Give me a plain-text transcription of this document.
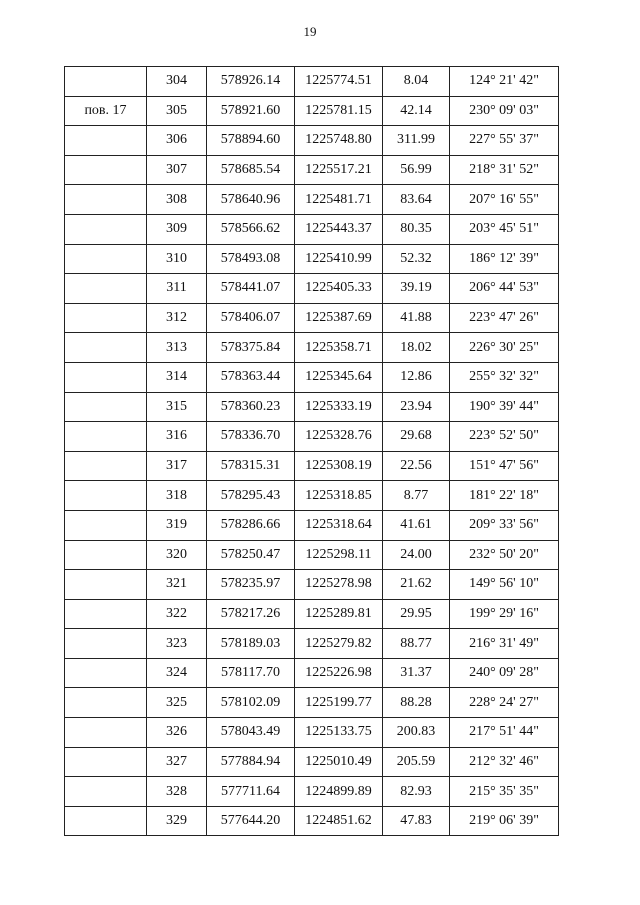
19
	304	578926.14	1225774.51	8.04	124° 21' 42"
пов. 17	305	578921.60	1225781.15	42.14	230° 09' 03"
	306	578894.60	1225748.80	311.99	227° 55' 37"
	307	578685.54	1225517.21	56.99	218° 31' 52"
	308	578640.96	1225481.71	83.64	207° 16' 55"
	309	578566.62	1225443.37	80.35	203° 45' 51"
	310	578493.08	1225410.99	52.32	186° 12' 39"
	311	578441.07	1225405.33	39.19	206° 44' 53"
	312	578406.07	1225387.69	41.88	223° 47' 26"
	313	578375.84	1225358.71	18.02	226° 30' 25"
	314	578363.44	1225345.64	12.86	255° 32' 32"
	315	578360.23	1225333.19	23.94	190° 39' 44"
	316	578336.70	1225328.76	29.68	223° 52' 50"
	317	578315.31	1225308.19	22.56	151° 47' 56"
	318	578295.43	1225318.85	8.77	181° 22' 18"
	319	578286.66	1225318.64	41.61	209° 33' 56"
	320	578250.47	1225298.11	24.00	232° 50' 20"
	321	578235.97	1225278.98	21.62	149° 56' 10"
	322	578217.26	1225289.81	29.95	199° 29' 16"
	323	578189.03	1225279.82	88.77	216° 31' 49"
	324	578117.70	1225226.98	31.37	240° 09' 28"
	325	578102.09	1225199.77	88.28	228° 24' 27"
	326	578043.49	1225133.75	200.83	217° 51' 44"
	327	577884.94	1225010.49	205.59	212° 32' 46"
	328	577711.64	1224899.89	82.93	215° 35' 35"
	329	577644.20	1224851.62	47.83	219° 06' 39"
